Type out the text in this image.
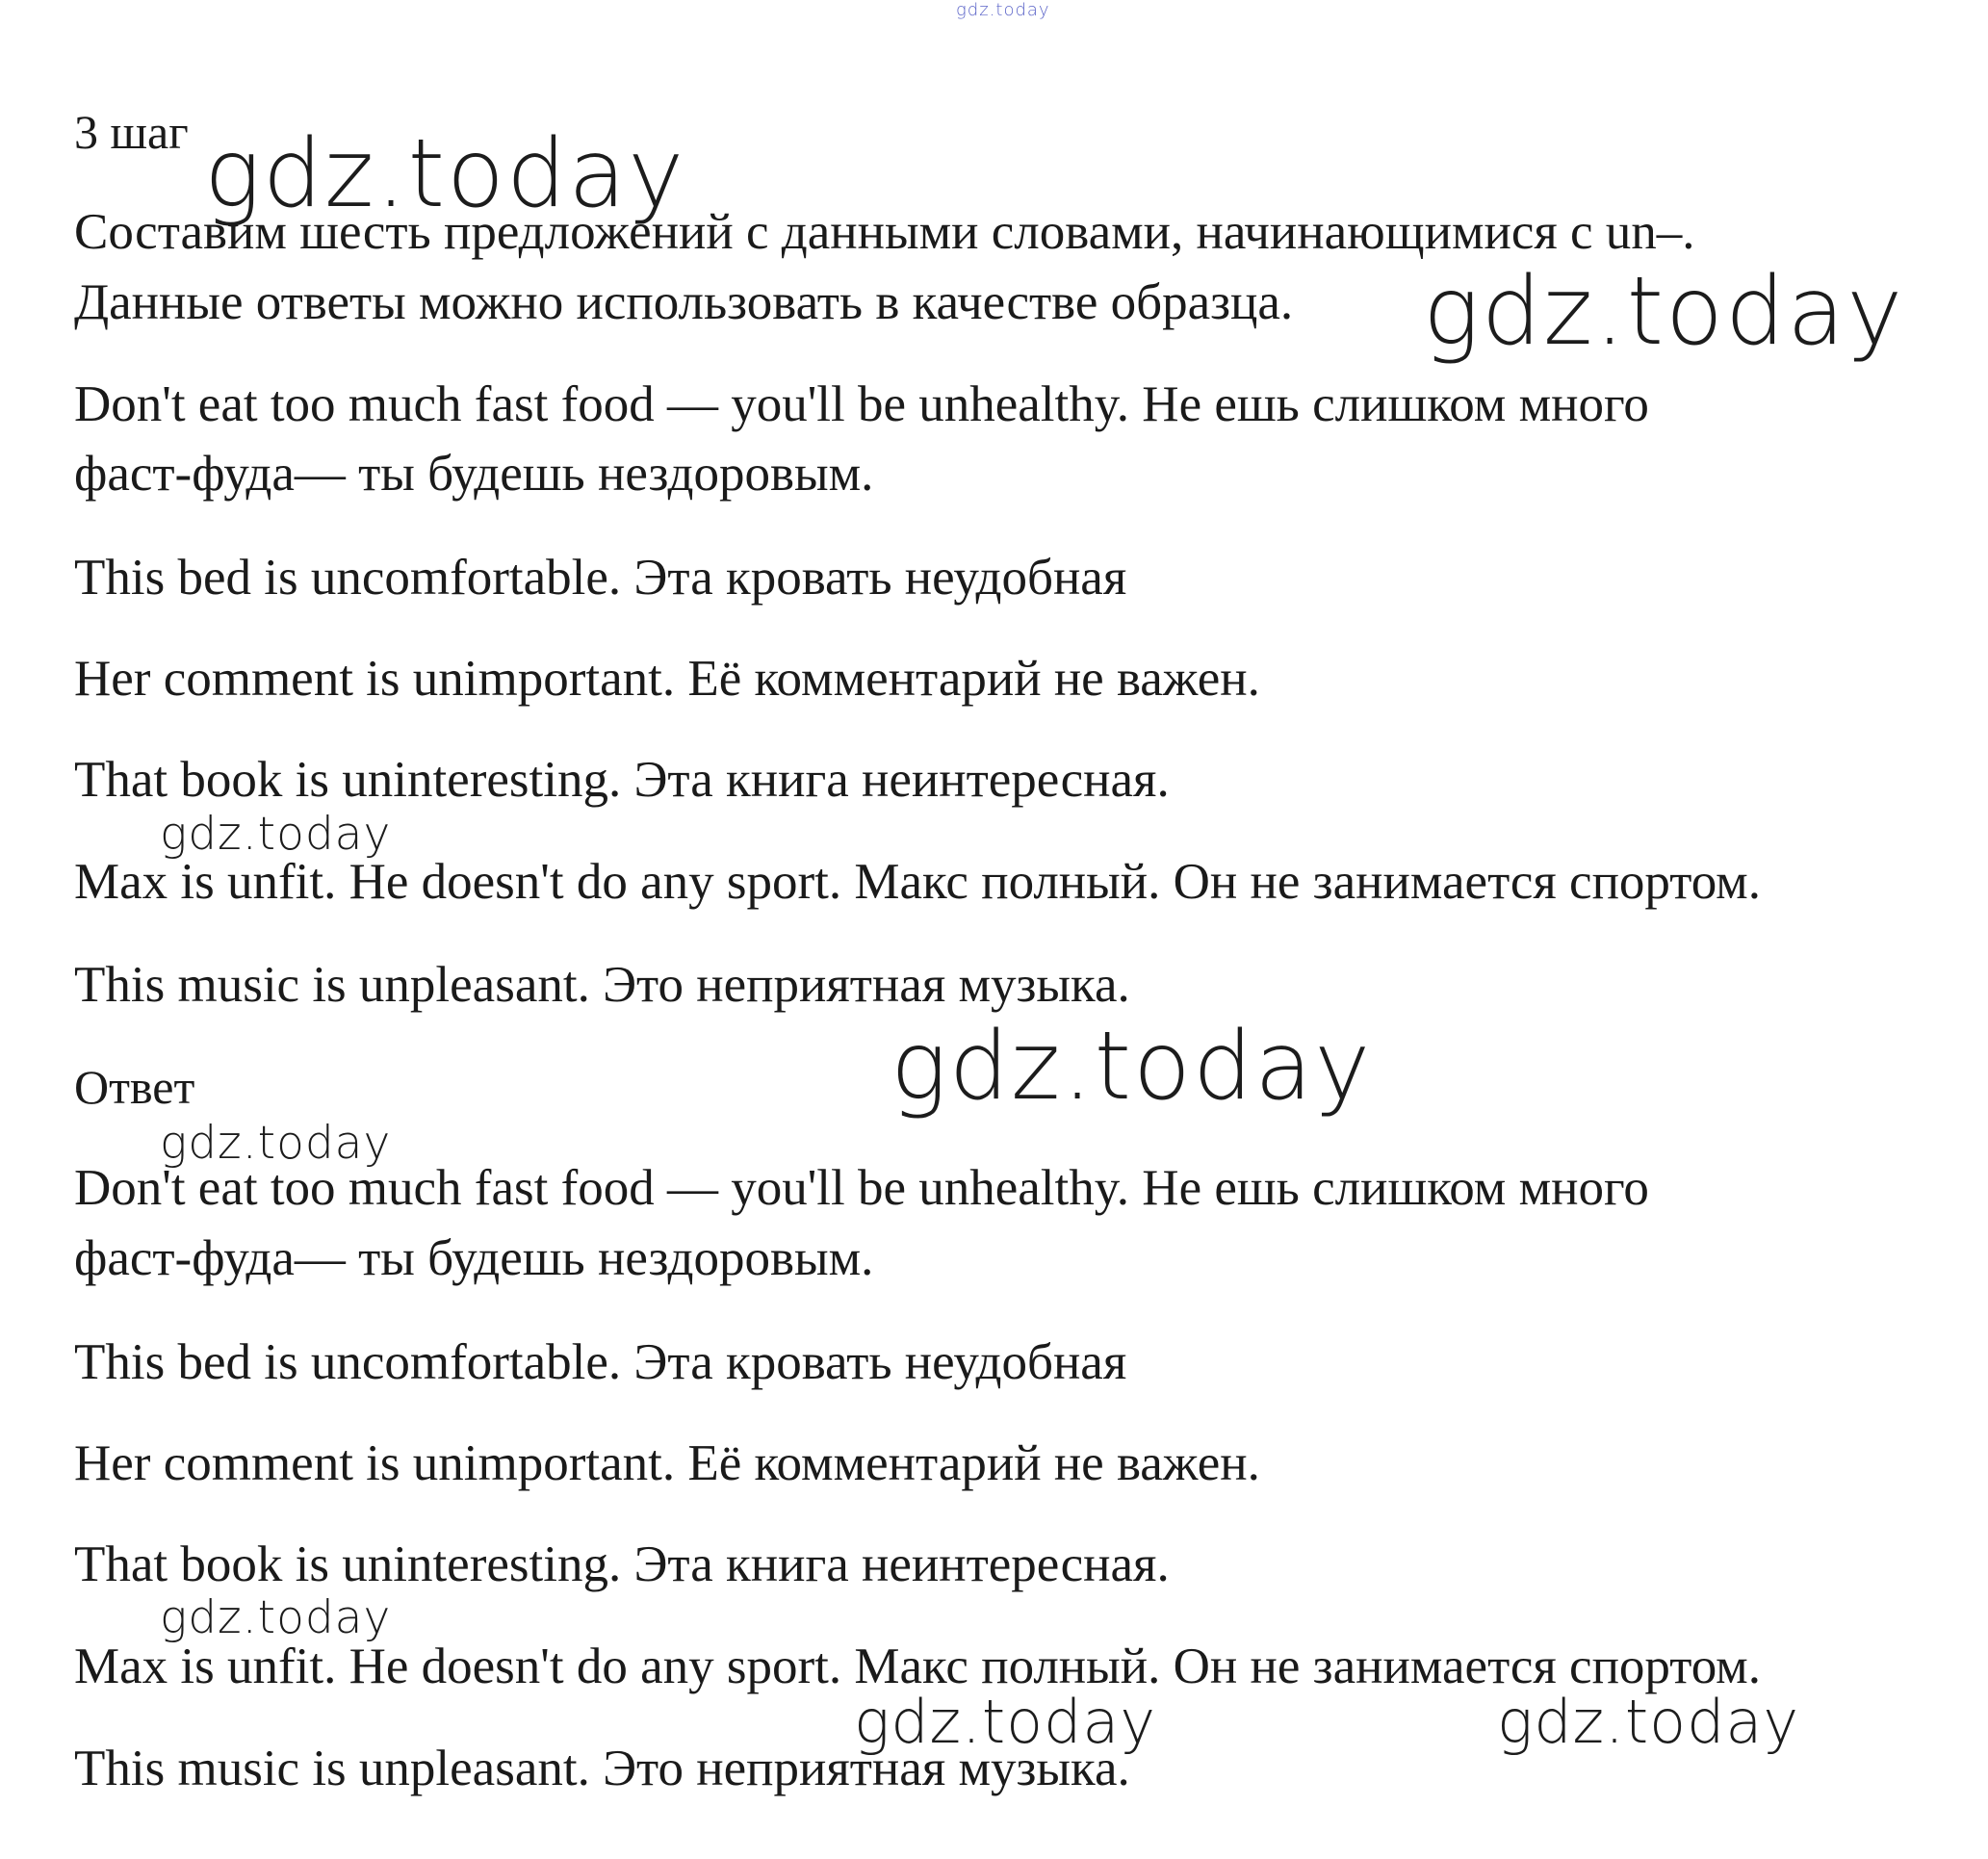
gdz.today
gdz.today
gdz.today
gdz.today
gdz.today
gdz.today
gdz.today
gdz.today	gdz.today
3 шаг
Составим шесть предложений с данными словами, начинающимися с un–.
Данные ответы можно использовать в качестве образца.
Don't eat too much fast food — you'll be unhealthy. Не ешь слишком много
фаст-фуда— ты будешь нездоровым.
This bed is uncomfortable. Эта кровать неудобная
Her comment is unimportant. Её комментарий не важен.
That book is uninteresting. Эта книга неинтересная.
Max is unfit. He doesn't do any sport. Макс полный. Он не занимается спортом.
This music is unpleasant. Это неприятная музыка.
Ответ
Don't eat too much fast food — you'll be unhealthy. Не ешь слишком много
фаст-фуда— ты будешь нездоровым.
This bed is uncomfortable. Эта кровать неудобная
Her comment is unimportant. Её комментарий не важен.
That book is uninteresting. Эта книга неинтересная.
Max is unfit. He doesn't do any sport. Макс полный. Он не занимается спортом.
This music is unpleasant. Это неприятная музыка.
